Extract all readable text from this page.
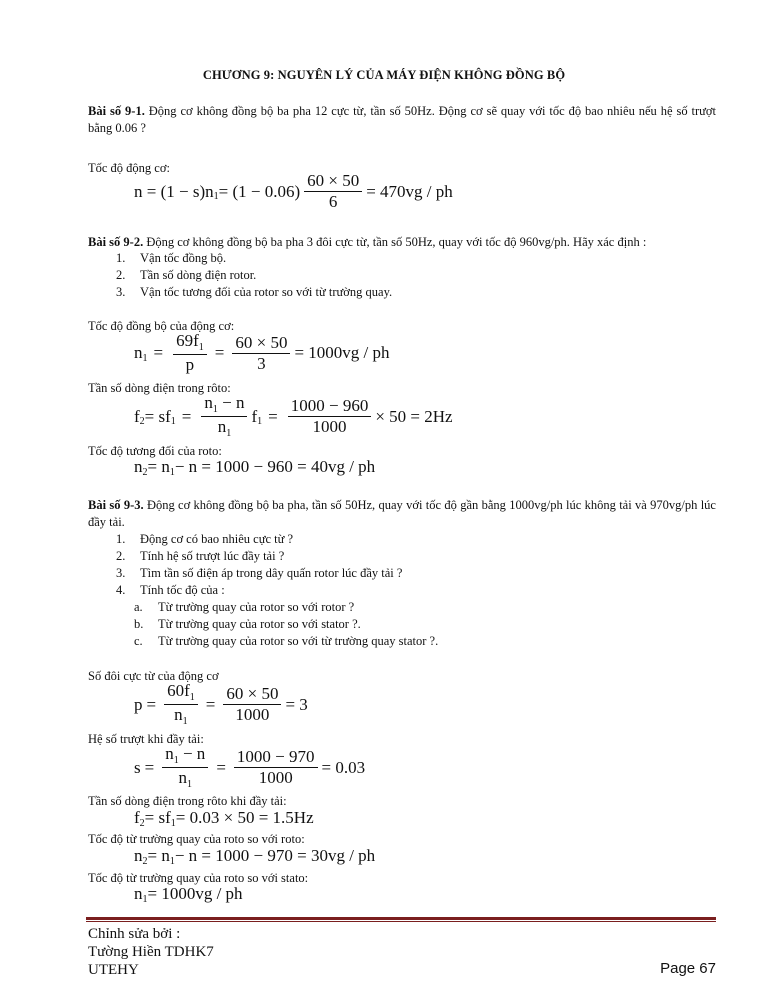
CHƯƠNG 9: NGUYÊN LÝ CỦA MÁY ĐIỆN KHÔNG ĐỒNG BỘ
Bài số 9-1. Động cơ không đồng bộ ba pha 12 cực từ, tần số 50Hz. Động cơ sẽ quay với tốc độ bao nhiêu nếu hệ số trượt bằng 0.06 ?
Tốc độ động cơ:
n = (1 − s)n $1 = (1 - 0.06) \frac{60 \times 50}{6} = 470vg$ / ph
Bài số 9-2. Động cơ không đồng bộ ba pha 3 đôi cực từ, tần số 50Hz, quay với tốc độ 960vg/ph. Hãy xác định :
1. Vận tốc đồng bộ.
2. Tần số dòng điện rotor.
3. Vận tốc tương đối của rotor so với từ trường quay.
Tốc độ đồng bộ của động cơ:
n $1 = \frac{69f_1}{p} = \frac{60 \times 50}{3} = 1000vg$ / ph
Tần số dòng điện trong rôto:
f 2 = sf $1 = \frac{n_1 - n}{n_1}$ f $1 = \frac{1000 - 960}{1000} \times 50 = 2Hz$
Tốc độ tương đối của roto:
n 2 = n 1 − n = 1000 − 960 = 40vg / ph
Bài số 9-3. Động cơ không đồng bộ ba pha, tần số 50Hz, quay với tốc độ gần bằng 1000vg/ph lúc không tải và 970vg/ph lúc đầy tải.
1. Động cơ có bao nhiêu cực từ ?
2. Tính hệ số trượt lúc đầy tải ?
3. Tìm tần số điện áp trong dây quấn rotor lúc đầy tải ?
4. Tính tốc độ của :
a. Từ trường quay của rotor so với rotor ?
b. Từ trường quay của rotor so với stator ?.
c. Từ trường quay của rotor so với từ trường quay stator ?.
Số đôi cực từ của động cơ
$p = \frac{60f_1}{n_1} = \frac{60 \times 50}{1000} = 3$
Hệ số trượt khi đầy tải:
$s = \frac{n_1 - n}{n_1} = \frac{1000 - 970}{1000} = 0.03$
Tần số dòng điện trong rôto khi đầy tải:
f 2 = sf 1 = 0.03 × 50 = 1.5Hz
Tốc độ từ trường quay của roto so với roto:
n 2 = n 1 − n = 1000 − 970 = 30vg / ph
Tốc độ từ trường quay của roto so với stato:
n 1 = 1000vg / ph
Chỉnh sửa bởi :
Tường Hiền TDHK7
UTEHY	Page 67
